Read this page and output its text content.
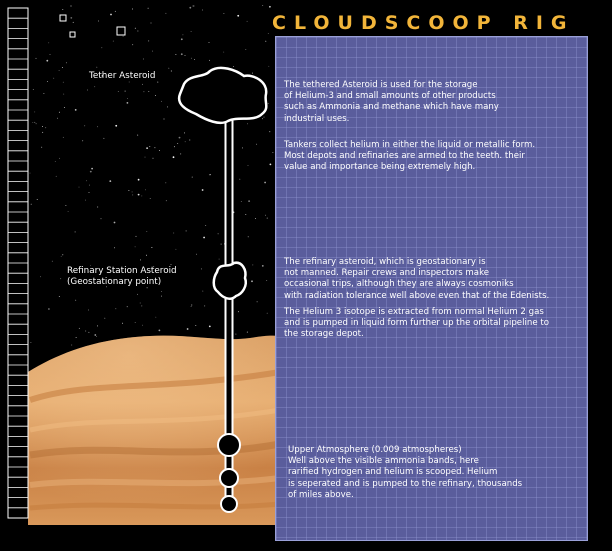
CLOUDSCOOP RIG
Tether Asteroid
Refinary Station Asteroid
(Geostationary point)
The tethered Asteroid is used for the storage
of Helium-3 and small amounts of other products
such as Ammonia and methane which have many
industrial uses.
Tankers collect helium in either the liquid or metallic form.
Most depots and refinaries are armed to the teeth. their
value and importance being extremely high.
The refinary asteroid, which is geostationary is
not manned. Repair crews and inspectors make
occasional trips, although they are always cosmoniks
with radiation tolerance well above even that of the Edenists.
The Helium 3 isotope is extracted from normal Helium 2 gas
and is pumped in liquid form further up the orbital pipeline to
the storage depot.
Upper Atmosphere (0.009 atmospheres)
Well above the visible ammonia bands, here
rarified hydrogen and helium is scooped. Helium
is seperated and is pumped to the refinary, thousands
of miles above.
